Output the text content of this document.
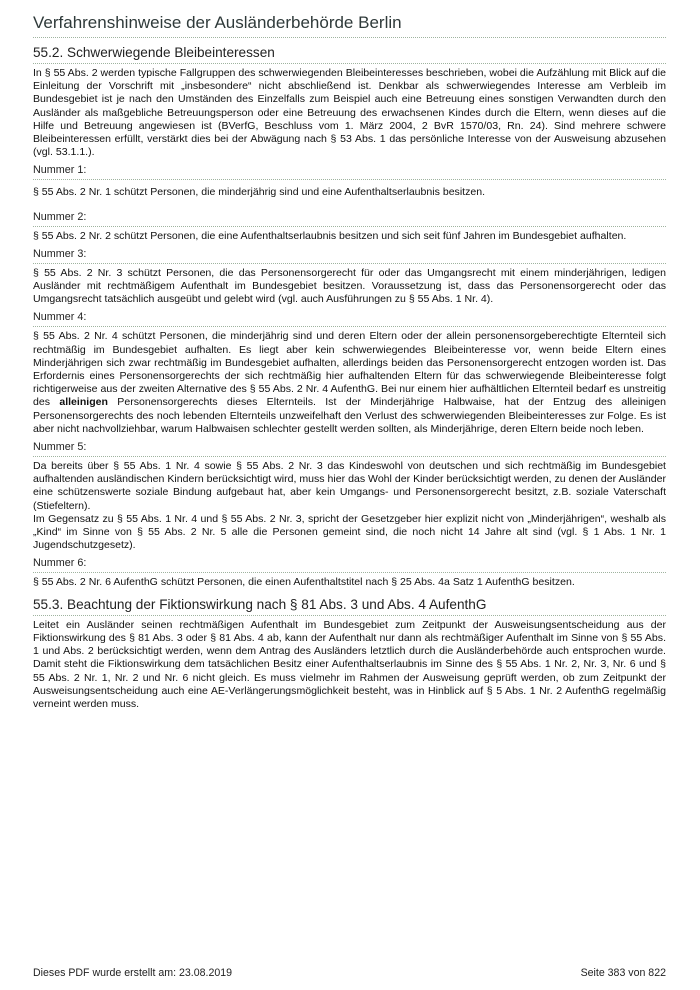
Verfahrenshinweise der Ausländerbehörde Berlin
55.2. Schwerwiegende Bleibeinteressen

In § 55 Abs. 2 werden typische Fallgruppen des schwerwiegenden Bleibeinteresses beschrieben, wobei die Aufzählung mit Blick auf die Einleitung der Vorschrift mit „insbesondere“ nicht abschließend ist. Denkbar als schwerwiegendes Interesse am Verbleib im Bundesgebiet ist je nach den Umständen des Einzelfalls zum Beispiel auch eine Betreuung eines sonstigen Verwandten durch den Ausländer als maßgebliche Betreuungsperson oder eine Betreuung des erwachsenen Kindes durch die Eltern, wenn dieses auf die Hilfe und Betreuung angewiesen ist (BVerfG, Beschluss vom 1. März 2004, 2 BvR 1570/03, Rn. 24). Sind mehrere schwere Bleibeinteressen erfüllt, verstärkt dies bei der Abwägung nach § 53 Abs. 1 das persönliche Interesse von der Ausweisung abzusehen (vgl. 53.1.1.).

Nummer 1:

§ 55 Abs. 2 Nr. 1 schützt Personen, die minderjährig sind und eine Aufenthaltserlaubnis besitzen.

Nummer 2:

§ 55 Abs. 2 Nr. 2 schützt Personen, die eine Aufenthaltserlaubnis besitzen und sich seit fünf Jahren im Bundesgebiet aufhalten.

Nummer 3:

§ 55 Abs. 2 Nr. 3 schützt Personen, die das Personensorgerecht für oder das Umgangsrecht mit einem minderjährigen, ledigen Ausländer mit rechtmäßigem Aufenthalt im Bundesgebiet besitzen. Voraussetzung ist, dass das Personensorgerecht oder das Umgangsrecht tatsächlich ausgeübt und gelebt wird (vgl. auch Ausführungen zu § 55 Abs. 1 Nr. 4).

Nummer 4:

§ 55 Abs. 2 Nr. 4 schützt Personen, die minderjährig sind und deren Eltern oder der allein personensorgeberechtigte Elternteil sich rechtmäßig im Bundesgebiet aufhalten. Es liegt aber kein schwerwiegendes Bleibeinteresse vor, wenn beide Eltern eines Minderjährigen sich zwar rechtmäßig im Bundesgebiet aufhalten, allerdings beiden das Personensorgerecht entzogen worden ist. Das Erfordernis eines Personensorgerechts der sich rechtmäßig hier aufhaltenden Eltern für das schwerwiegende Bleibeinteresse folgt richtigerweise aus der zweiten Alternative des § 55 Abs. 2 Nr. 4 AufenthG. Bei nur einem hier aufhältlichen Elternteil bedarf es unstreitig des alleinigen Personensorgerechts dieses Elternteils. Ist der Minderjährige Halbwaise, hat der Entzug des alleinigen Personensorgerechts des noch lebenden Elternteils unzweifelhaft den Verlust des schwerwiegenden Bleibeinteresses zur Folge. Es ist aber nicht nachvollziehbar, warum Halbwaisen schlechter gestellt werden sollten, als Minderjährige, deren Eltern beide noch leben.

Nummer 5:

Da bereits über § 55 Abs. 1 Nr. 4 sowie § 55 Abs. 2 Nr. 3 das Kindeswohl von deutschen und sich rechtmäßig im Bundesgebiet aufhaltenden ausländischen Kindern berücksichtigt wird, muss hier das Wohl der Kinder berücksichtigt werden, zu denen der Ausländer eine schützenswerte soziale Bindung aufgebaut hat, aber kein Umgangs- und Personensorgerecht besitzt, z.B. soziale Vaterschaft (Stiefeltern).

Im Gegensatz zu § 55 Abs. 1 Nr. 4 und § 55 Abs. 2 Nr. 3, spricht der Gesetzgeber hier explizit nicht von „Minderjährigen“, weshalb als „Kind“ im Sinne von § 55 Abs. 2 Nr. 5 alle die Personen gemeint sind, die noch nicht 14 Jahre alt sind (vgl. § 1 Abs. 1 Nr. 1 Jugendschutzgesetz).

Nummer 6:

§ 55 Abs. 2 Nr. 6 AufenthG schützt Personen, die einen Aufenthaltstitel nach § 25 Abs. 4a Satz 1 AufenthG besitzen.

55.3. Beachtung der Fiktionswirkung nach § 81 Abs. 3 und Abs. 4 AufenthG

Leitet ein Ausländer seinen rechtmäßigen Aufenthalt im Bundesgebiet zum Zeitpunkt der Ausweisungsentscheidung aus der Fiktionswirkung des § 81 Abs. 3 oder § 81 Abs. 4 ab, kann der Aufenthalt nur dann als rechtmäßiger Aufenthalt im Sinne von § 55 Abs. 1 und Abs. 2 berücksichtigt werden, wenn dem Antrag des Ausländers letztlich durch die Ausländerbehörde auch entsprochen wurde. Damit steht die Fiktionswirkung dem tatsächlichen Besitz einer Aufenthaltserlaubnis im Sinne des § 55 Abs. 1 Nr. 2, Nr. 3, Nr. 6 und § 55 Abs. 2 Nr. 1, Nr. 2 und Nr. 6 nicht gleich. Es muss vielmehr im Rahmen der Ausweisung geprüft werden, ob zum Zeitpunkt der Ausweisungsentscheidung auch eine AE-Verlängerungsmöglichkeit besteht, was in Hinblick auf § 5 Abs. 1 Nr. 2 AufenthG regelmäßig verneint werden muss.

Dieses PDF wurde erstellt am: 23.08.2019	Seite 383 von 822
